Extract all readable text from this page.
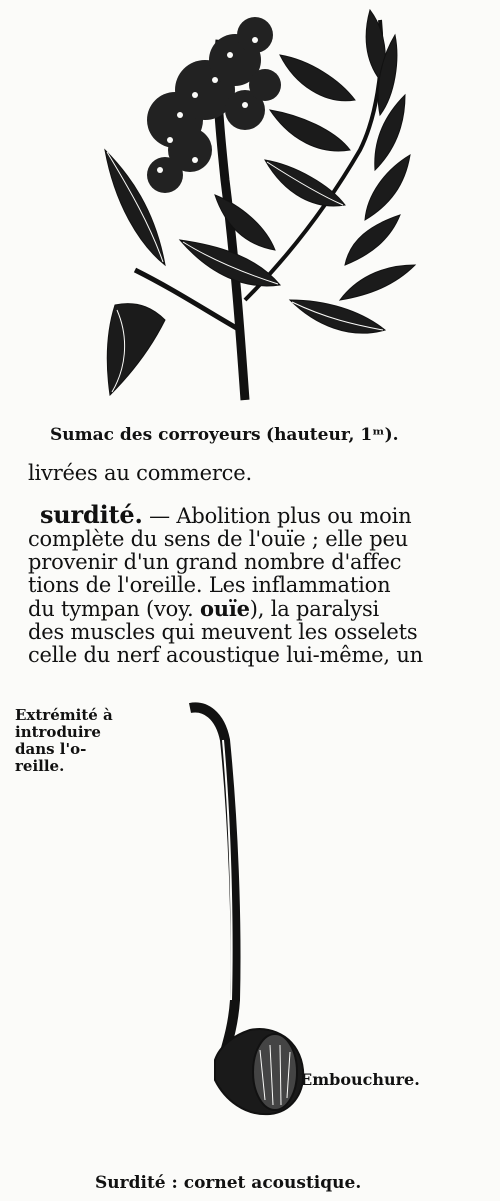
Sumac des corroyeurs (hauteur, 1ᵐ).
livrées au commerce.
surdité. — Abolition plus ou moin
complète du sens de l'ouïe ; elle peu
provenir d'un grand nombre d'affec
tions de l'oreille. Les inflammation
du tympan (voy. ouïe), la paralysi
des muscles qui meuvent les osselets
celle du nerf acoustique lui-même, un
Extrémité à
introduire
dans l'o-
reille.
Embouchure.
Surdité : cornet acoustique.
